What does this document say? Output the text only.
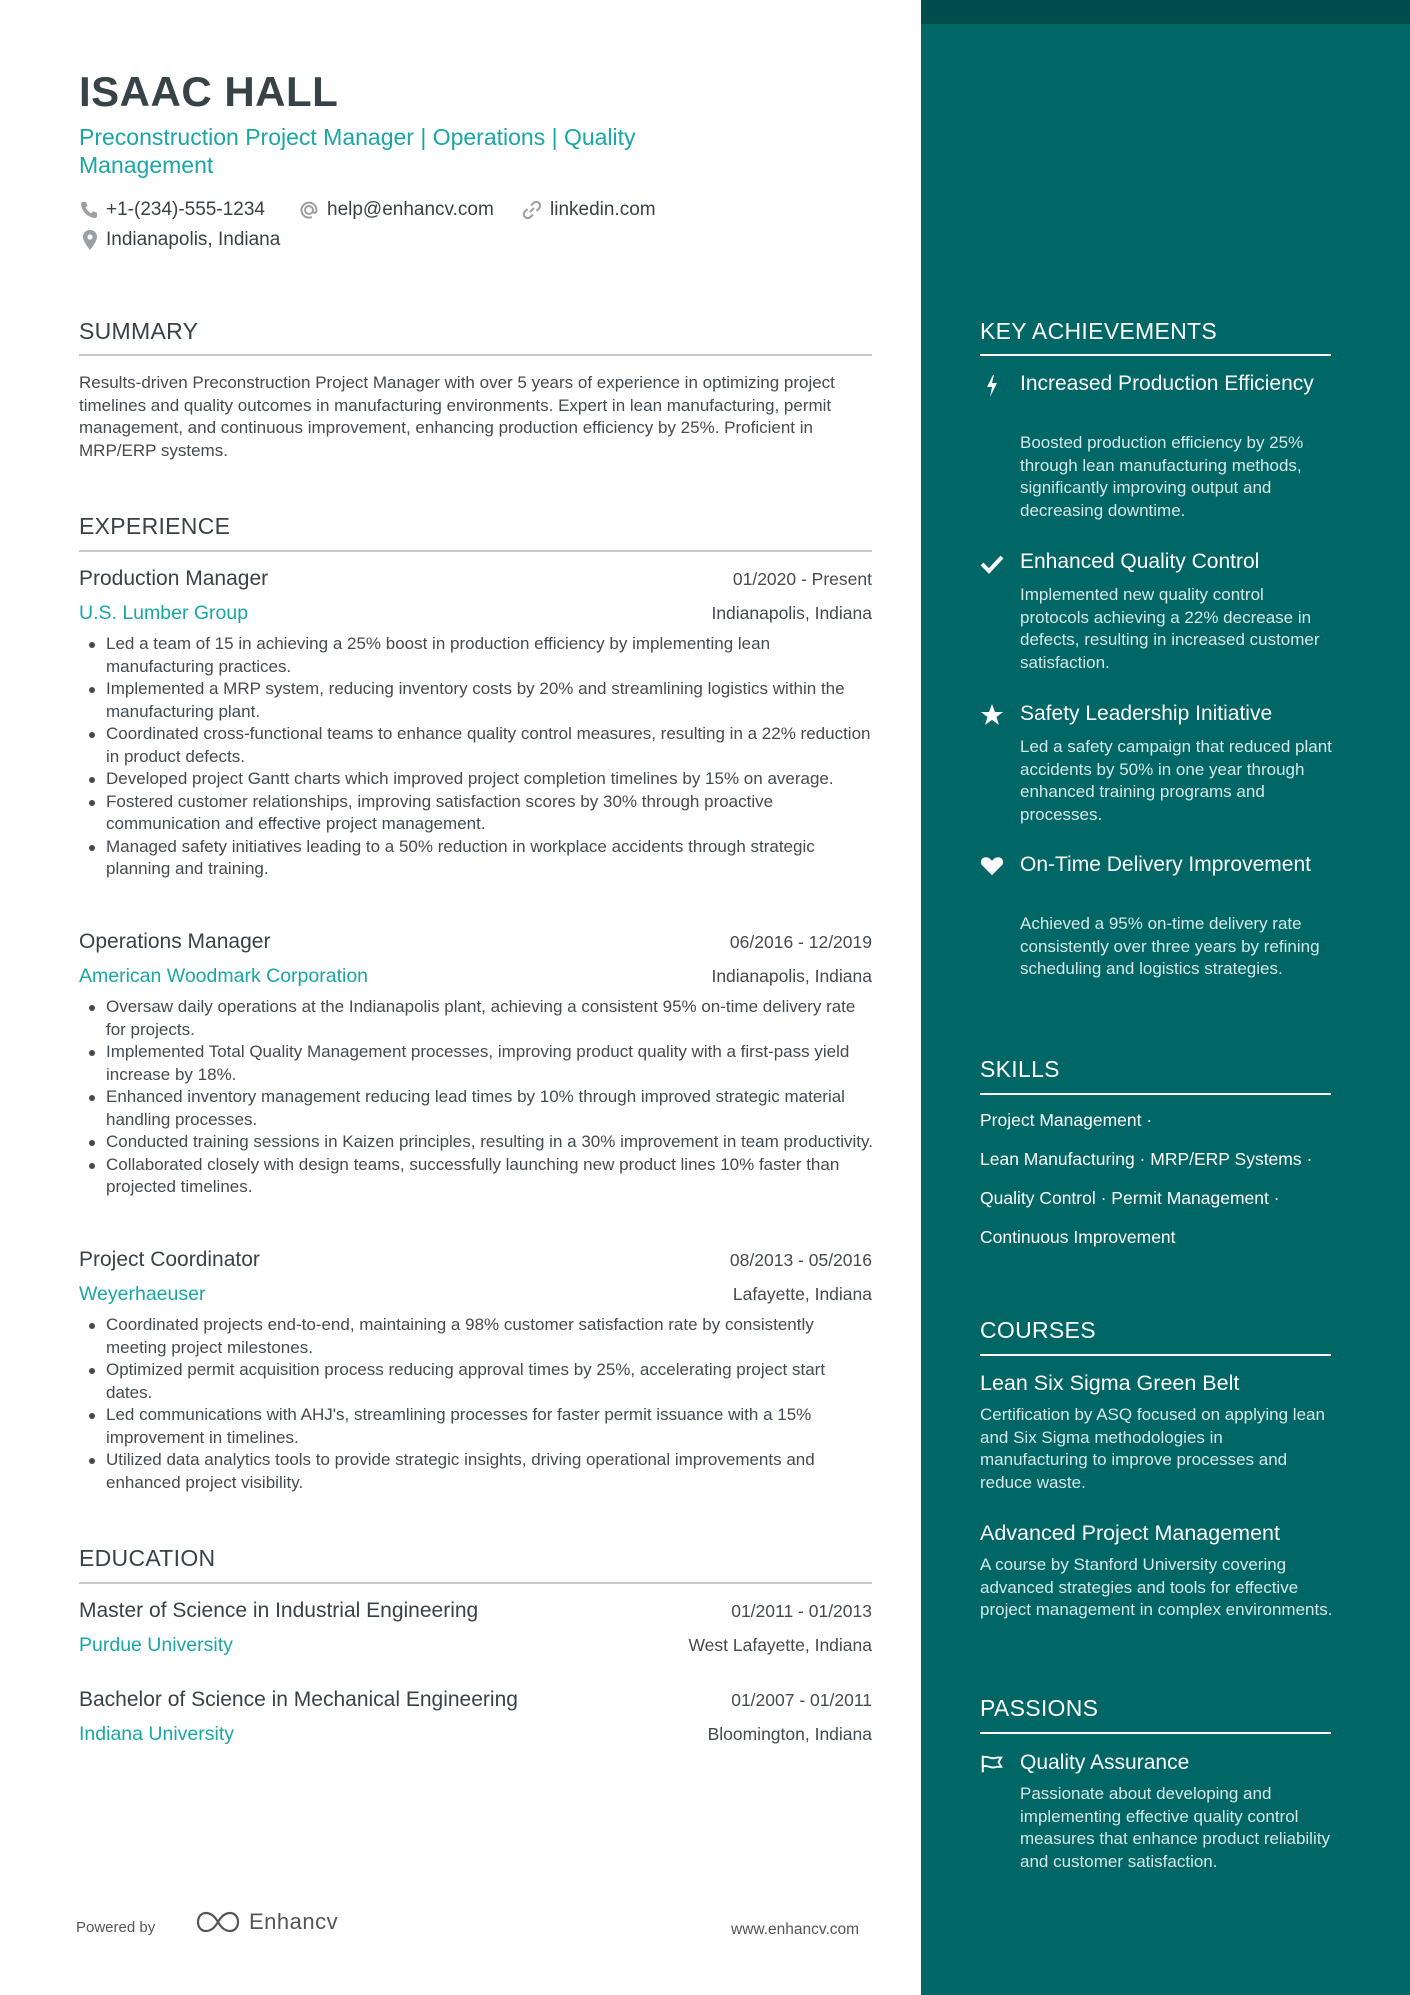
ISAAC HALL
Preconstruction Project Manager | Operations | Quality Management
+1-(234)-555-1234	help@enhancv.com	linkedin.com
Indianapolis, Indiana
SUMMARY
Results-driven Preconstruction Project Manager with over 5 years of experience in optimizing project timelines and quality outcomes in manufacturing environments. Expert in lean manufacturing, permit management, and continuous improvement, enhancing production efficiency by 25%. Proficient in MRP/ERP systems.
EXPERIENCE
Production Manager	01/2020 - Present
U.S. Lumber Group	Indianapolis, Indiana
Led a team of 15 in achieving a 25% boost in production efficiency by implementing lean manufacturing practices.
Implemented a MRP system, reducing inventory costs by 20% and streamlining logistics within the manufacturing plant.
Coordinated cross-functional teams to enhance quality control measures, resulting in a 22% reduction in product defects.
Developed project Gantt charts which improved project completion timelines by 15% on average.
Fostered customer relationships, improving satisfaction scores by 30% through proactive communication and effective project management.
Managed safety initiatives leading to a 50% reduction in workplace accidents through strategic planning and training.
Operations Manager	06/2016 - 12/2019
American Woodmark Corporation	Indianapolis, Indiana
Oversaw daily operations at the Indianapolis plant, achieving a consistent 95% on-time delivery rate for projects.
Implemented Total Quality Management processes, improving product quality with a first-pass yield increase by 18%.
Enhanced inventory management reducing lead times by 10% through improved strategic material handling processes.
Conducted training sessions in Kaizen principles, resulting in a 30% improvement in team productivity.
Collaborated closely with design teams, successfully launching new product lines 10% faster than projected timelines.
Project Coordinator	08/2013 - 05/2016
Weyerhaeuser	Lafayette, Indiana
Coordinated projects end-to-end, maintaining a 98% customer satisfaction rate by consistently meeting project milestones.
Optimized permit acquisition process reducing approval times by 25%, accelerating project start dates.
Led communications with AHJ's, streamlining processes for faster permit issuance with a 15% improvement in timelines.
Utilized data analytics tools to provide strategic insights, driving operational improvements and enhanced project visibility.
EDUCATION
Master of Science in Industrial Engineering	01/2011 - 01/2013
Purdue University	West Lafayette, Indiana
Bachelor of Science in Mechanical Engineering	01/2007 - 01/2011
Indiana University	Bloomington, Indiana
Powered by	Enhancv	www.enhancv.com
KEY ACHIEVEMENTS
Increased Production Efficiency
Boosted production efficiency by 25% through lean manufacturing methods, significantly improving output and decreasing downtime.
Enhanced Quality Control
Implemented new quality control protocols achieving a 22% decrease in defects, resulting in increased customer satisfaction.
Safety Leadership Initiative
Led a safety campaign that reduced plant accidents by 50% in one year through enhanced training programs and processes.
On-Time Delivery Improvement
Achieved a 95% on-time delivery rate consistently over three years by refining scheduling and logistics strategies.
SKILLS
Project Management ·
Lean Manufacturing · MRP/ERP Systems ·
Quality Control · Permit Management ·
Continuous Improvement
COURSES
Lean Six Sigma Green Belt
Certification by ASQ focused on applying lean and Six Sigma methodologies in manufacturing to improve processes and reduce waste.
Advanced Project Management
A course by Stanford University covering advanced strategies and tools for effective project management in complex environments.
PASSIONS
Quality Assurance
Passionate about developing and implementing effective quality control measures that enhance product reliability and customer satisfaction.
